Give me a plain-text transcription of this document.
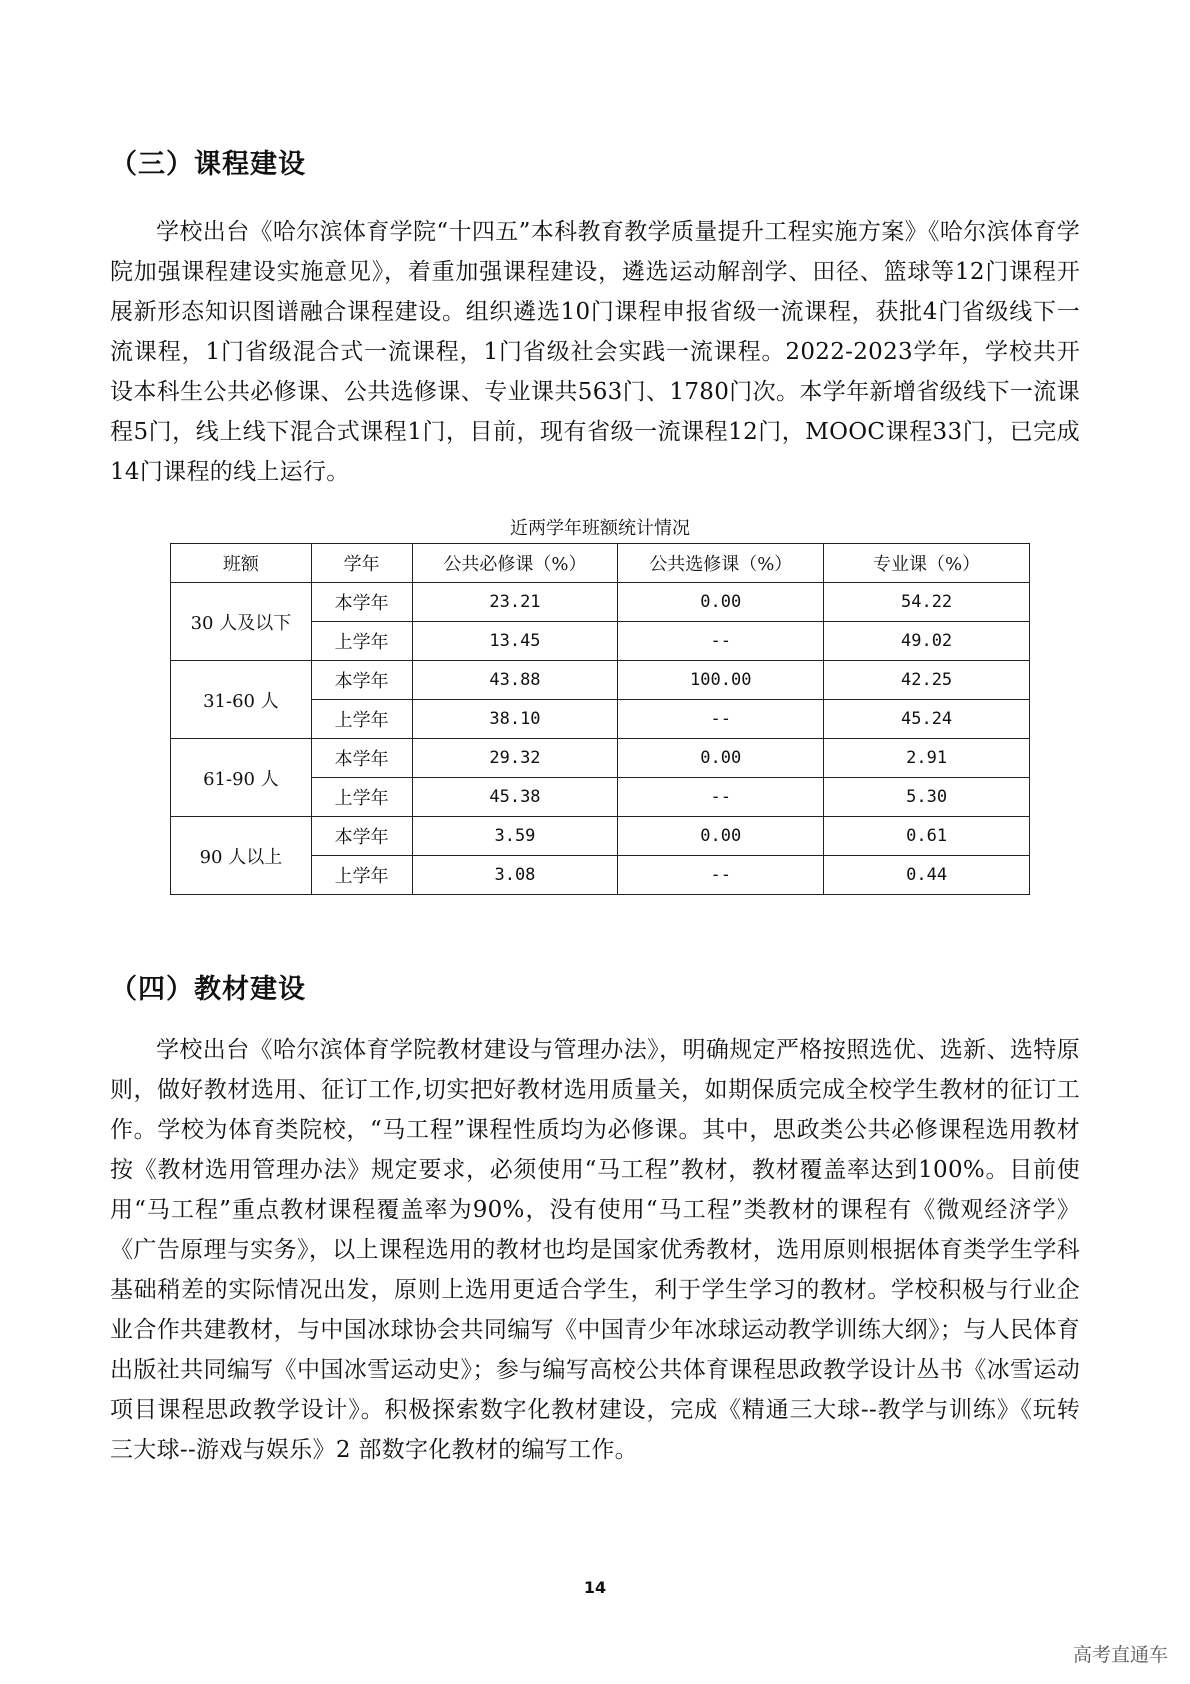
（三）课程建设

学校出台《哈尔滨体育学院“十四五”本科教育教学质量提升工程实施方案》《哈尔滨体育学院加强课程建设实施意见》，着重加强课程建设，遴选运动解剖学、田径、篮球等12门课程开展新形态知识图谱融合课程建设。组织遴选10门课程申报省级一流课程，获批4门省级线下一流课程，1门省级混合式一流课程，1门省级社会实践一流课程。2022-2023学年，学校共开设本科生公共必修课、公共选修课、专业课共563门、1780门次。本学年新增省级线下一流课程5门，线上线下混合式课程1门，目前，现有省级一流课程12门，MOOC课程33门，已完成14门课程的线上运行。

近两学年班额统计情况
班额	学年	公共必修课（%）	公共选修课（%）	专业课（%）
30 人及以下	本学年	23.21	0.00	54.22
	上学年	13.45	--	49.02
31-60 人	本学年	43.88	100.00	42.25
	上学年	38.10	--	45.24
61-90 人	本学年	29.32	0.00	2.91
	上学年	45.38	--	5.30
90 人以上	本学年	3.59	0.00	0.61
	上学年	3.08	--	0.44
（四）教材建设

学校出台《哈尔滨体育学院教材建设与管理办法》，明确规定严格按照选优、选新、选特原则，做好教材选用、征订工作,切实把好教材选用质量关，如期保质完成全校学生教材的征订工作。学校为体育类院校，“马工程”课程性质均为必修课。其中，思政类公共必修课程选用教材按《教材选用管理办法》规定要求，必须使用“马工程”教材，教材覆盖率达到100%。目前使用“马工程”重点教材课程覆盖率为90%，没有使用“马工程”类教材的课程有《微观经济学》《广告原理与实务》，以上课程选用的教材也均是国家优秀教材，选用原则根据体育类学生学科基础稍差的实际情况出发，原则上选用更适合学生，利于学生学习的教材。学校积极与行业企业合作共建教材，与中国冰球协会共同编写《中国青少年冰球运动教学训练大纲》；与人民体育出版社共同编写《中国冰雪运动史》；参与编写高校公共体育课程思政教学设计丛书《冰雪运动项目课程思政教学设计》。积极探索数字化教材建设，完成《精通三大球--教学与训练》《玩转三大球--游戏与娱乐》2 部数字化教材的编写工作。

14
高考直通车
